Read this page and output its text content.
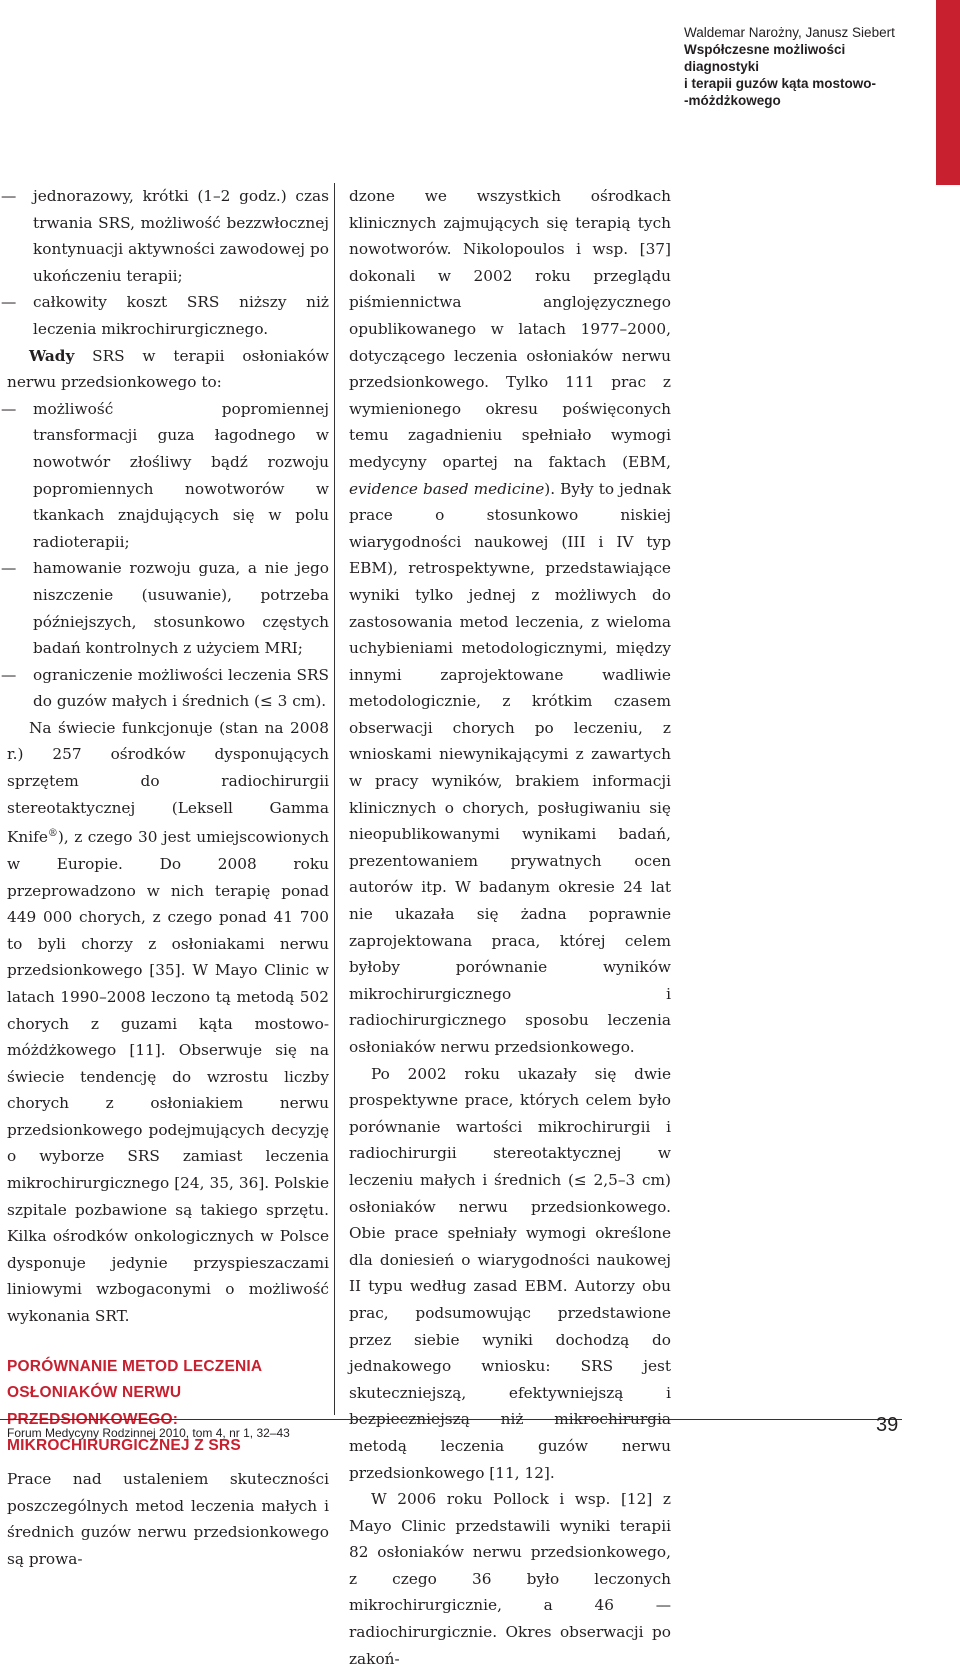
Waldemar Narożny, Janusz Siebert
Współczesne możliwości diagnostyki
i terapii guzów kąta mostowo-
-móżdżkowego

— jednorazowy, krótki (1–2 godz.) czas trwania SRS, możliwość bezzwłocznej kontynuacji aktywności zawodowej po ukończeniu terapii;

— całkowity koszt SRS niższy niż leczenia mikrochirurgicznego.

Wady SRS w terapii osłoniaków nerwu przedsionkowego to:

— możliwość popromiennej transformacji guza łagodnego w nowotwór złośliwy bądź rozwoju popromiennych nowotworów w tkankach znajdujących się w polu radioterapii;

— hamowanie rozwoju guza, a nie jego niszczenie (usuwanie), potrzeba późniejszych, stosunkowo częstych badań kontrolnych z użyciem MRI;

— ograniczenie możliwości leczenia SRS do guzów małych i średnich (≤ 3 cm).

Na świecie funkcjonuje (stan na 2008 r.) 257 ośrodków dysponujących sprzętem do radiochirurgii stereotaktycznej (Leksell Gamma Knife®), z czego 30 jest umiejscowionych w Europie. Do 2008 roku przeprowadzono w nich terapię ponad 449 000 chorych, z czego ponad 41 700 to byli chorzy z osłoniakami nerwu przedsionkowego [35]. W Mayo Clinic w latach 1990–2008 leczono tą metodą 502 chorych z guzami kąta mostowo-móżdżkowego [11]. Obserwuje się na świecie tendencję do wzrostu liczby chorych z osłoniakiem nerwu przedsionkowego podejmujących decyzję o wyborze SRS zamiast leczenia mikrochirurgicznego [24, 35, 36]. Polskie szpitale pozbawione są takiego sprzętu. Kilka ośrodków onkologicznych w Polsce dysponuje jedynie przyspieszaczami liniowymi wzbogaconymi o możliwość wykonania SRT.

PORÓWNANIE METOD LECZENIA
OSŁONIAKÓW NERWU PRZEDSIONKOWEGO:
MIKROCHIRURGICZNEJ Z SRS

Prace nad ustaleniem skuteczności poszczególnych metod leczenia małych i średnich guzów nerwu przedsionkowego są prowa-

dzone we wszystkich ośrodkach klinicznych zajmujących się terapią tych nowotworów. Nikolopoulos i wsp. [37] dokonali w 2002 roku przeglądu piśmiennictwa anglojęzycznego opublikowanego w latach 1977–2000, dotyczącego leczenia osłoniaków nerwu przedsionkowego. Tylko 111 prac z wymienionego okresu poświęconych temu zagadnieniu spełniało wymogi medycyny opartej na faktach (EBM, evidence based medicine). Były to jednak prace o stosunkowo niskiej wiarygodności naukowej (III i IV typ EBM), retrospektywne, przedstawiające wyniki tylko jednej z możliwych do zastosowania metod leczenia, z wieloma uchybieniami metodologicznymi, między innymi zaprojektowane wadliwie metodologicznie, z krótkim czasem obserwacji chorych po leczeniu, z wnioskami niewynikającymi z zawartych w pracy wyników, brakiem informacji klinicznych o chorych, posługiwaniu się nieopublikowanymi wynikami badań, prezentowaniem prywatnych ocen autorów itp. W badanym okresie 24 lat nie ukazała się żadna poprawnie zaprojektowana praca, której celem byłoby porównanie wyników mikrochirurgicznego i radiochirurgicznego sposobu leczenia osłoniaków nerwu przedsionkowego.

Po 2002 roku ukazały się dwie prospektywne prace, których celem było porównanie wartości mikrochirurgii i radiochirurgii stereotaktycznej w leczeniu małych i średnich (≤ 2,5–3 cm) osłoniaków nerwu przedsionkowego. Obie prace spełniały wymogi określone dla doniesień o wiarygodności naukowej II typu według zasad EBM. Autorzy obu prac, podsumowując przedstawione przez siebie wyniki dochodzą do jednakowego wniosku: SRS jest skuteczniejszą, efektywniejszą i bezpieczniejszą niż mikrochirurgia metodą leczenia guzów nerwu przedsionkowego [11, 12].

W 2006 roku Pollock i wsp. [12] z Mayo Clinic przedstawili wyniki terapii 82 osłoniaków nerwu przedsionkowego, z czego 36 było leczonych mikrochirurgicznie, a 46 — radiochirurgicznie. Okres obserwacji po zakoń-

Forum Medycyny Rodzinnej 2010, tom 4, nr 1, 32–43	39
